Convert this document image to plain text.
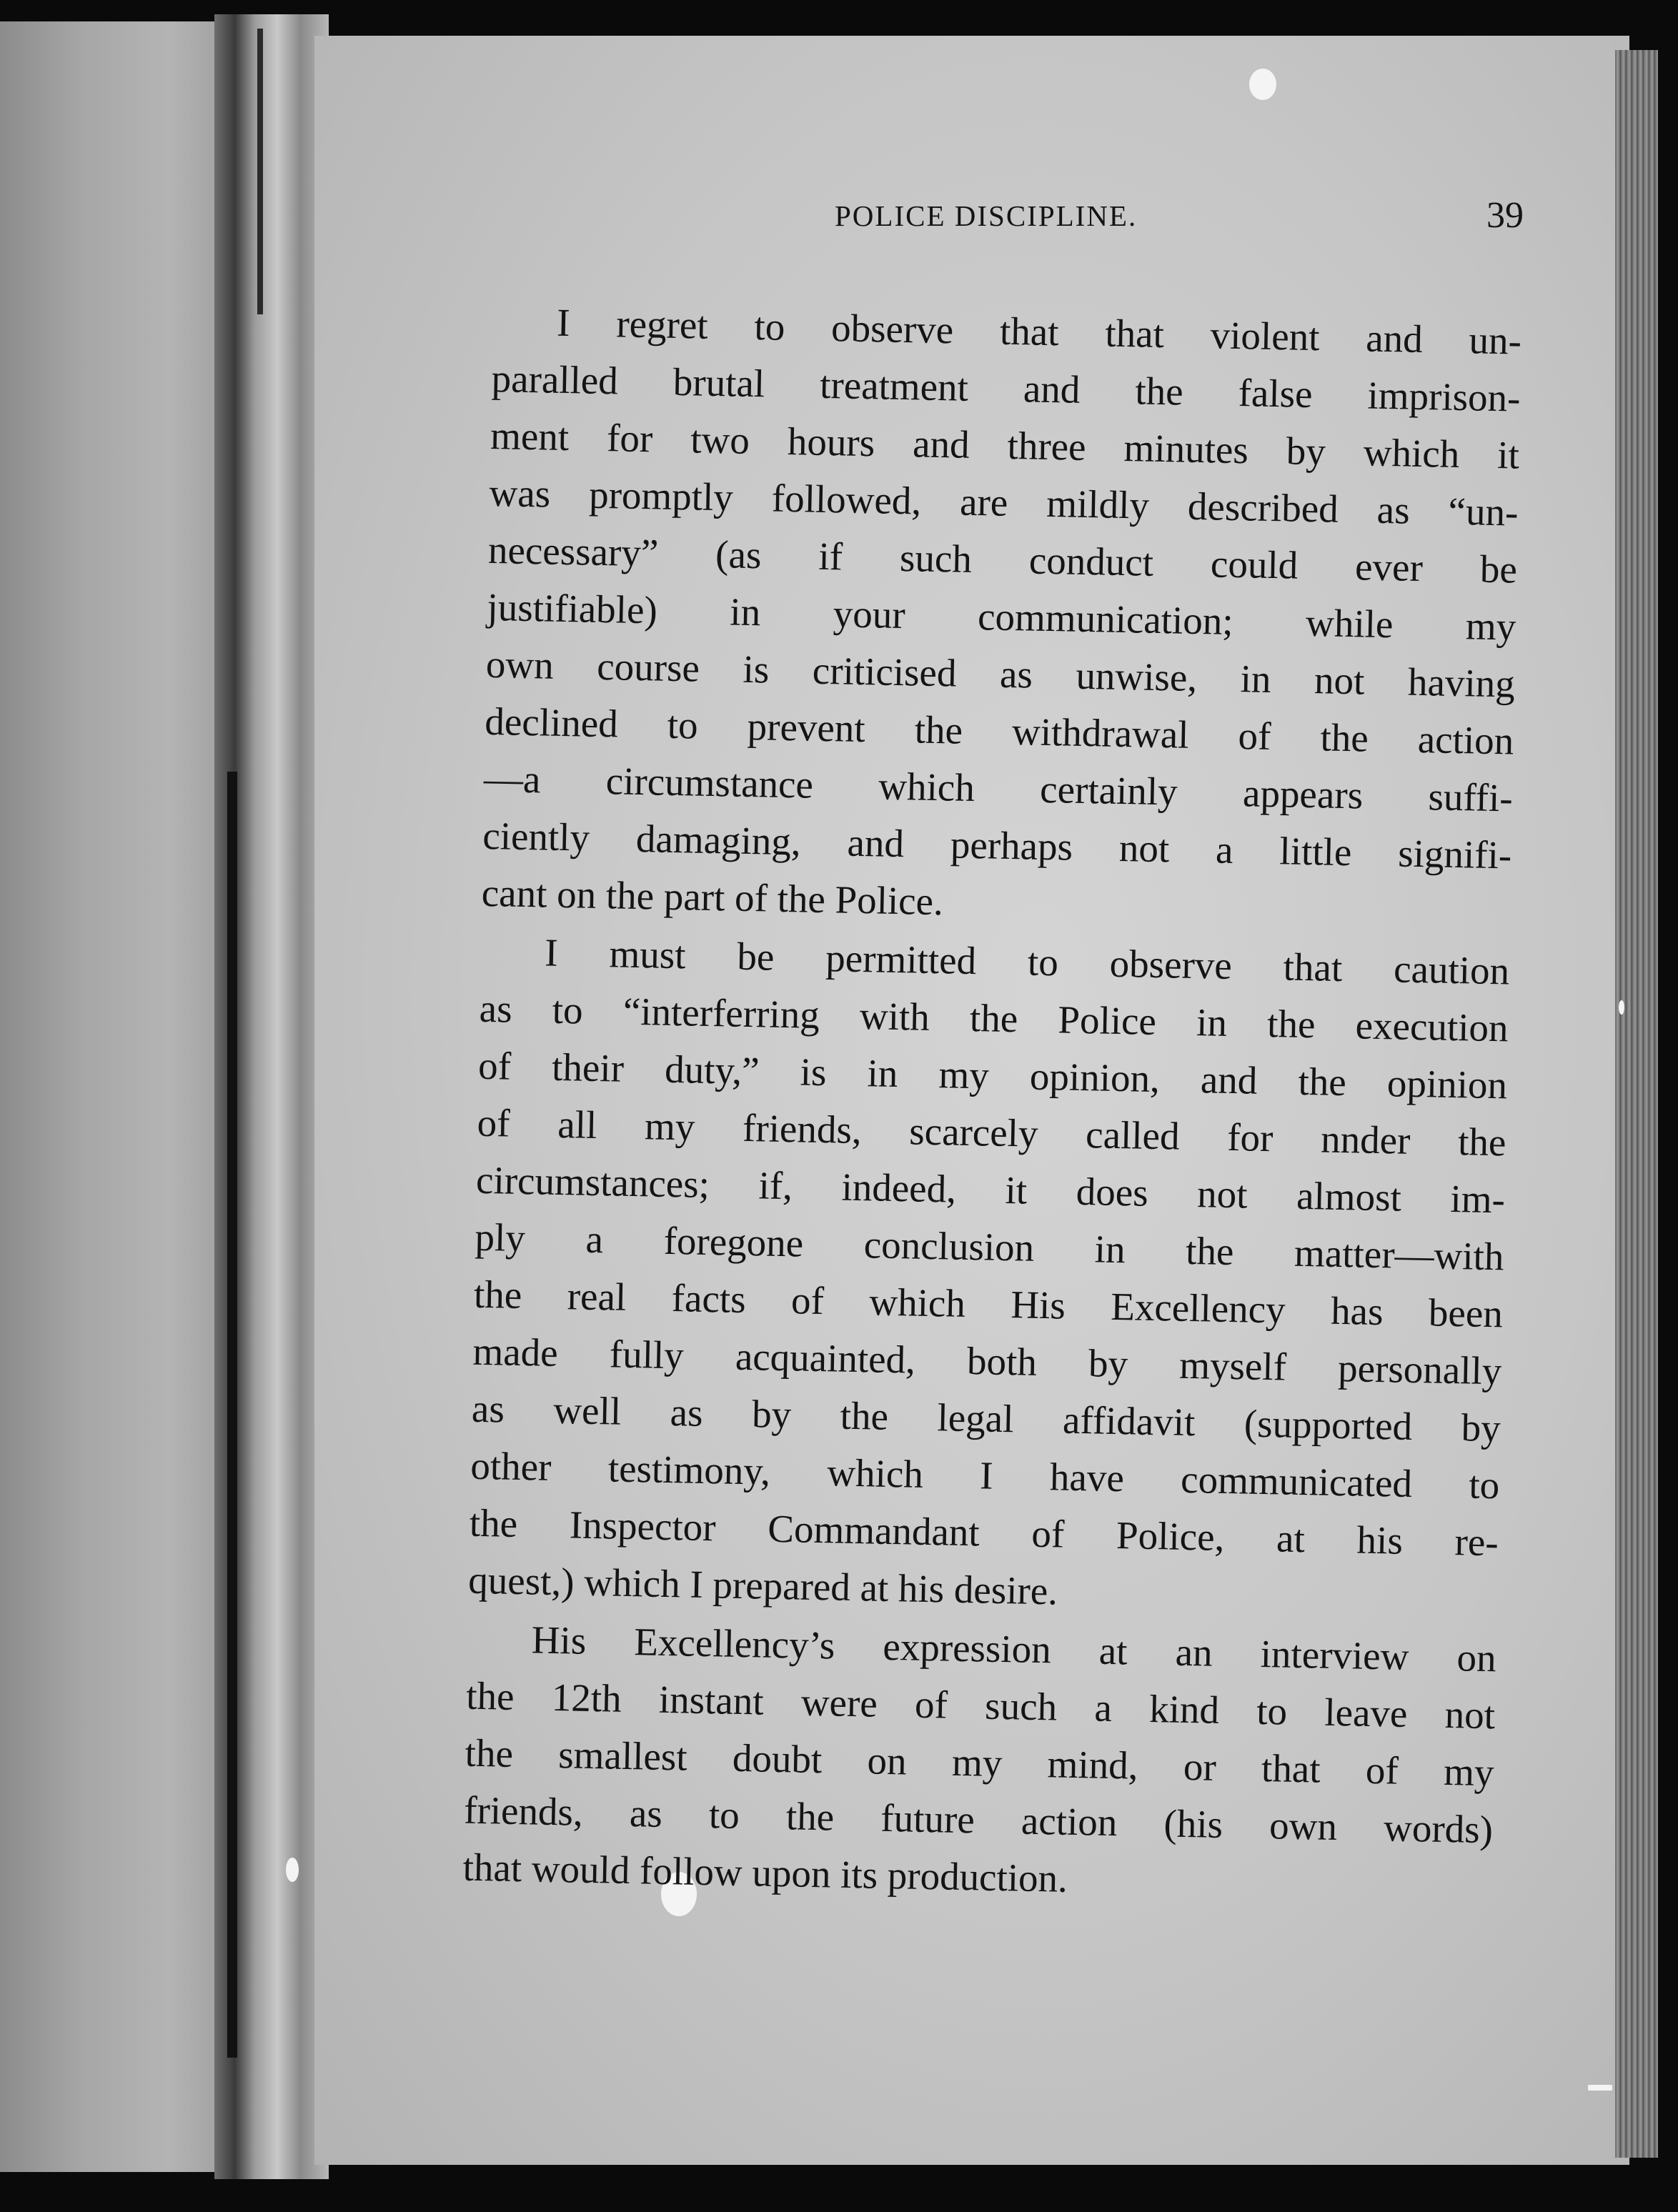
POLICE DISCIPLINE.	39
I regret to observe that that violent and un-
paralled brutal treatment and the false imprison-
ment for two hours and three minutes by which it
was promptly followed, are mildly described as “un-
necessary” (as if such conduct could ever be
justifiable) in your communication; while my
own course is criticised as unwise, in not having
declined to prevent the withdrawal of the action
—a circumstance which certainly appears suffi-
ciently damaging, and perhaps not a little signifi-
cant on the part of the Police.
I must be permitted to observe that caution
as to “interferring with the Police in the execution
of their duty,” is in my opinion, and the opinion
of all my friends, scarcely called for nnder the
circumstances; if, indeed, it does not almost im-
ply a foregone conclusion in the matter—with
the real facts of which His Excellency has been
made fully acquainted, both by myself personally
as well as by the legal affidavit (supported by
other testimony, which I have communicated to
the Inspector Commandant of Police, at his re-
quest,) which I prepared at his desire.
His Excellency’s expression at an interview on
the 12th instant were of such a kind to leave not
the smallest doubt on my mind, or that of my
friends, as to the future action (his own words)
that would follow upon its production.
